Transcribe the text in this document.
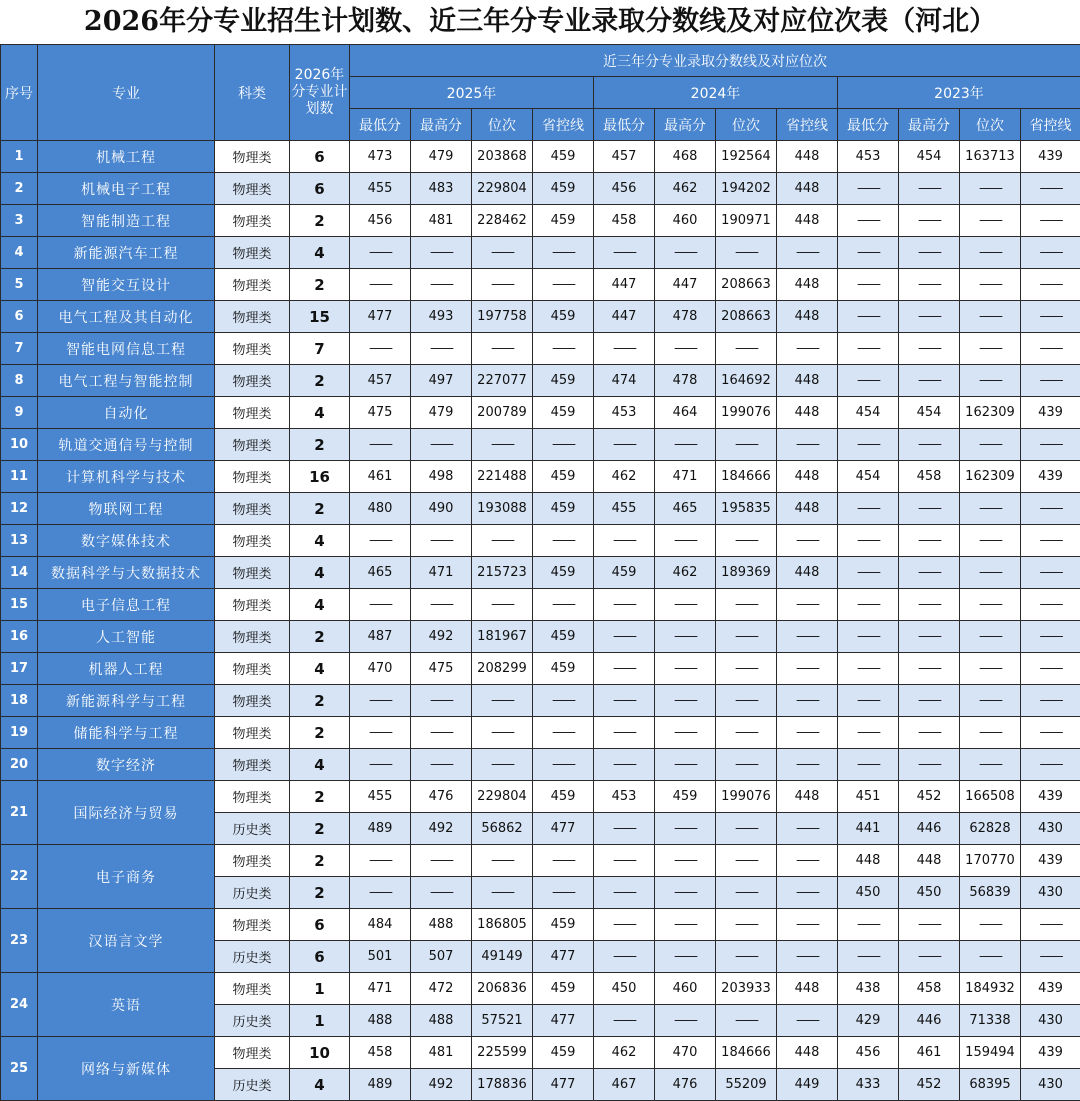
2026年分专业招生计划数、近三年分专业录取分数线及对应位次表（河北）
序号	专业	科类	2026年分专业计划数	近三年分专业录取分数线及对应位次											
				2025年				2024年				2023年			
				最低分	最高分	位次	省控线	最低分	最高分	位次	省控线	最低分	最高分	位次	省控线
1	机械工程	物理类	6	473	479	203868	459	457	468	192564	448	453	454	163713	439
2	机械电子工程	物理类	6	455	483	229804	459	456	462	194202	448	——	——	——	——
3	智能制造工程	物理类	2	456	481	228462	459	458	460	190971	448	——	——	——	——
4	新能源汽车工程	物理类	4	——	——	——	——	——	——	——	——	——	——	——	——
5	智能交互设计	物理类	2	——	——	——	——	447	447	208663	448	——	——	——	——
6	电气工程及其自动化	物理类	15	477	493	197758	459	447	478	208663	448	——	——	——	——
7	智能电网信息工程	物理类	7	——	——	——	——	——	——	——	——	——	——	——	——
8	电气工程与智能控制	物理类	2	457	497	227077	459	474	478	164692	448	——	——	——	——
9	自动化	物理类	4	475	479	200789	459	453	464	199076	448	454	454	162309	439
10	轨道交通信号与控制	物理类	2	——	——	——	——	——	——	——	——	——	——	——	——
11	计算机科学与技术	物理类	16	461	498	221488	459	462	471	184666	448	454	458	162309	439
12	物联网工程	物理类	2	480	490	193088	459	455	465	195835	448	——	——	——	——
13	数字媒体技术	物理类	4	——	——	——	——	——	——	——	——	——	——	——	——
14	数据科学与大数据技术	物理类	4	465	471	215723	459	459	462	189369	448	——	——	——	——
15	电子信息工程	物理类	4	——	——	——	——	——	——	——	——	——	——	——	——
16	人工智能	物理类	2	487	492	181967	459	——	——	——	——	——	——	——	——
17	机器人工程	物理类	4	470	475	208299	459	——	——	——	——	——	——	——	——
18	新能源科学与工程	物理类	2	——	——	——	——	——	——	——	——	——	——	——	——
19	储能科学与工程	物理类	2	——	——	——	——	——	——	——	——	——	——	——	——
20	数字经济	物理类	4	——	——	——	——	——	——	——	——	——	——	——	——
21	国际经济与贸易	物理类	2	455	476	229804	459	453	459	199076	448	451	452	166508	439
		历史类	2	489	492	56862	477	——	——	——	——	441	446	62828	430
22	电子商务	物理类	2	——	——	——	——	——	——	——	——	448	448	170770	439
		历史类	2	——	——	——	——	——	——	——	——	450	450	56839	430
23	汉语言文学	物理类	6	484	488	186805	459	——	——	——	——	——	——	——	——
		历史类	6	501	507	49149	477	——	——	——	——	——	——	——	——
24	英语	物理类	1	471	472	206836	459	450	460	203933	448	438	458	184932	439
		历史类	1	488	488	57521	477	——	——	——	——	429	446	71338	430
25	网络与新媒体	物理类	10	458	481	225599	459	462	470	184666	448	456	461	159494	439
		历史类	4	489	492	178836	477	467	476	55209	449	433	452	68395	430
